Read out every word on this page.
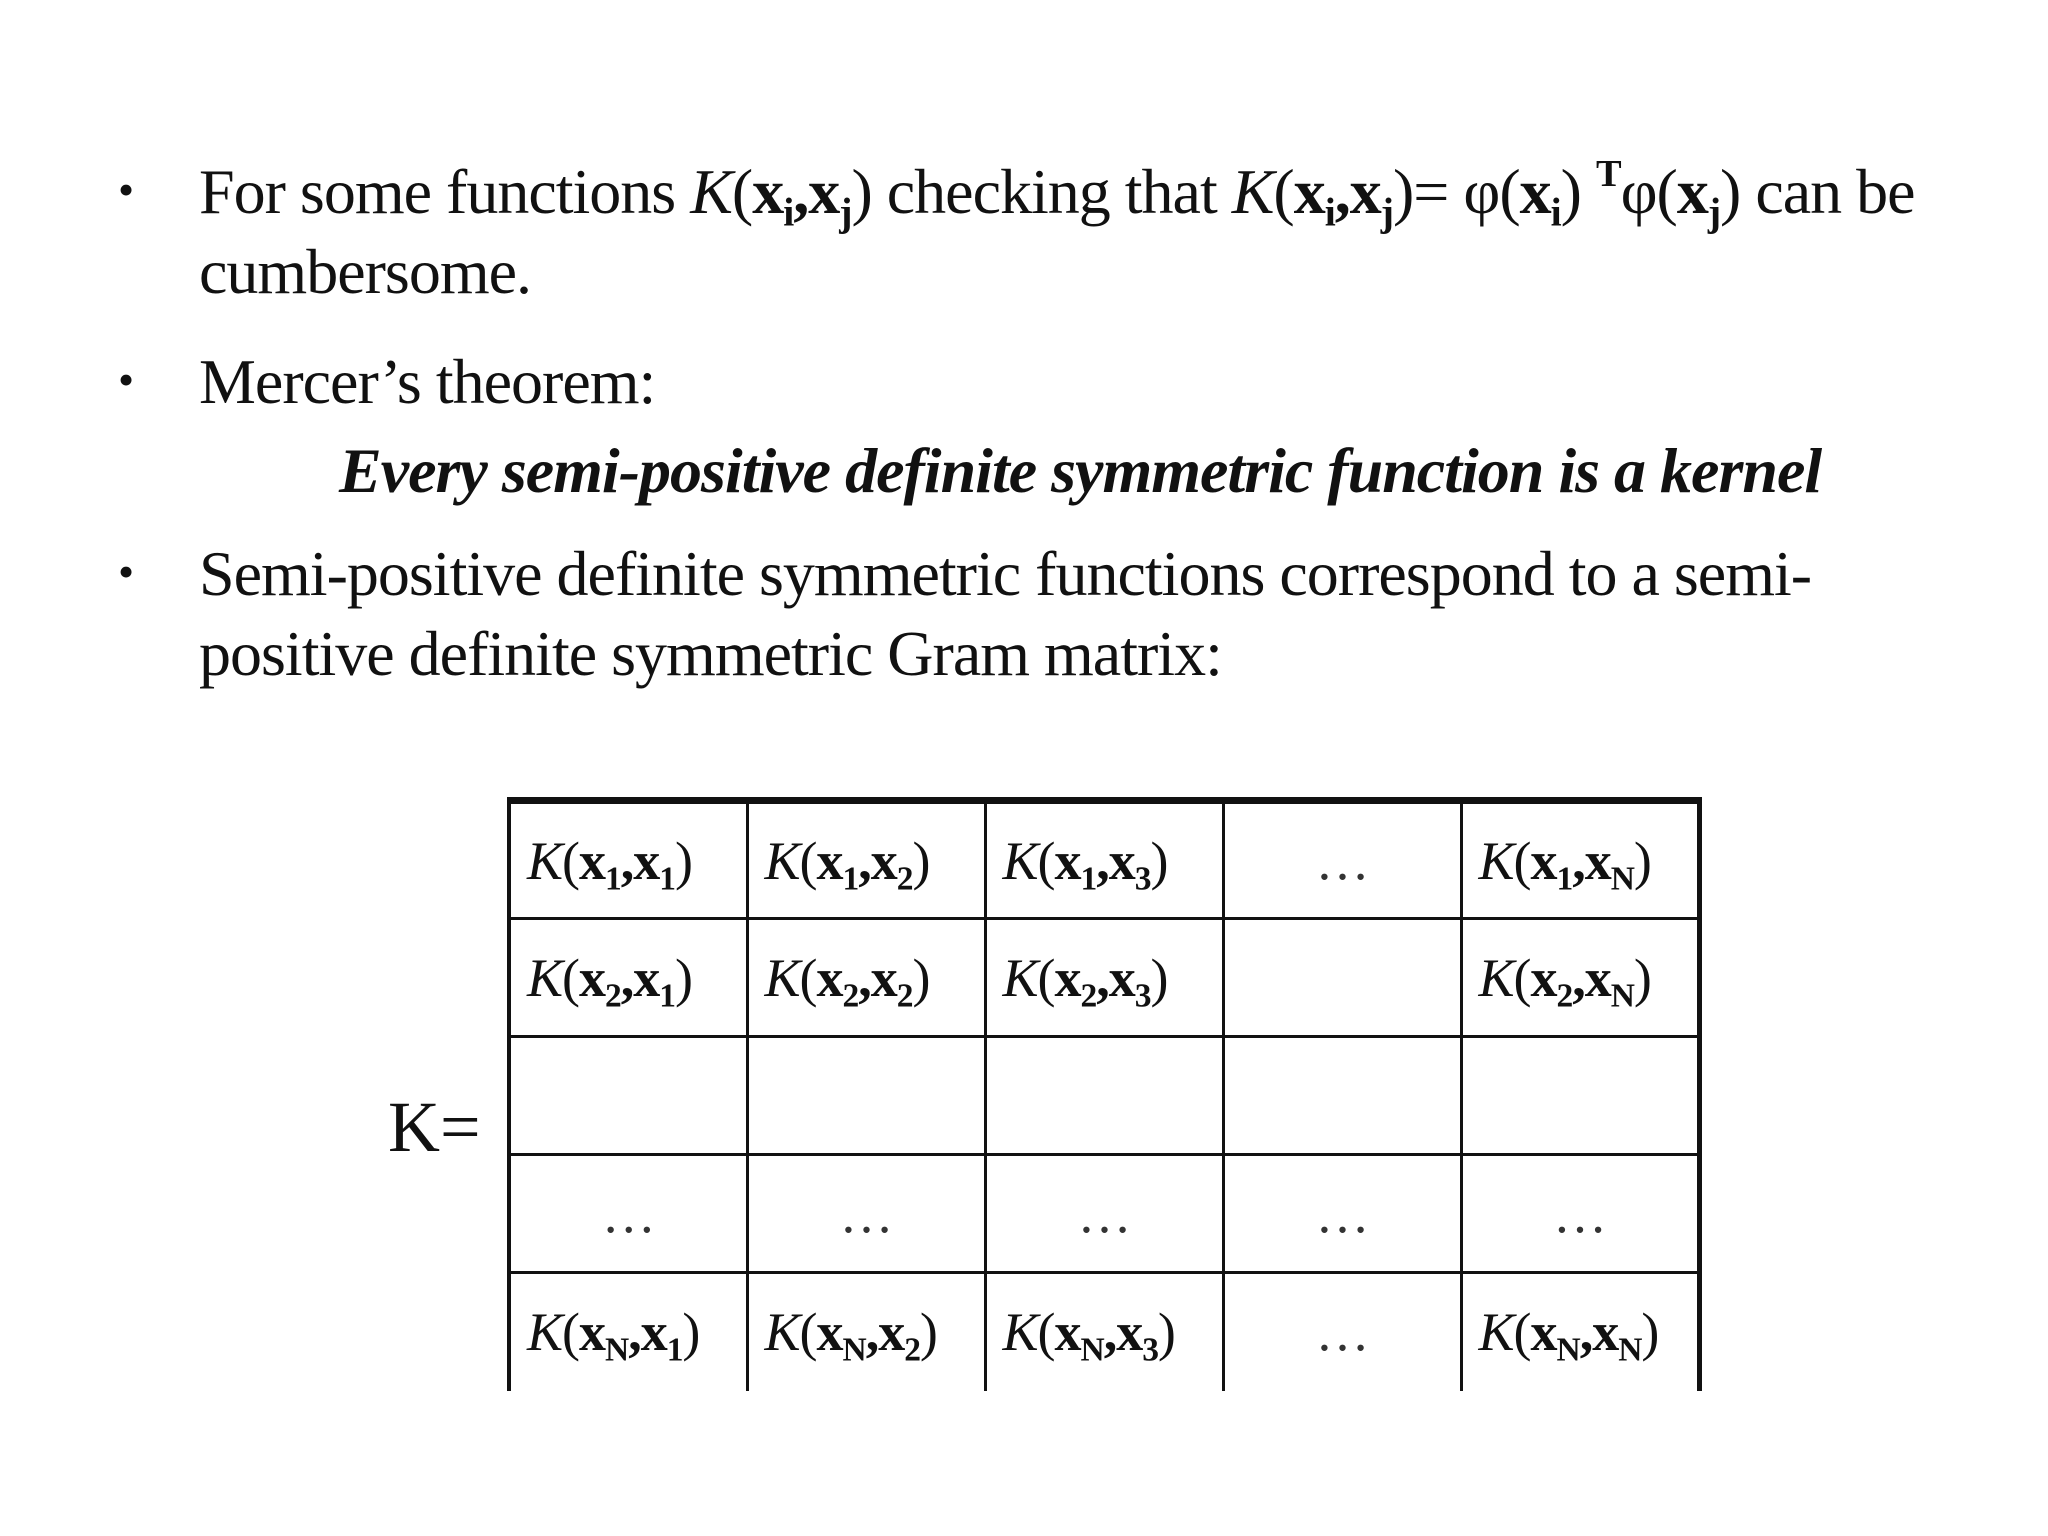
• For some functions $K(x_i,x_j)$ checking that $K(x_i,x_j)= \varphi(x_i)$ $^T\varphi(x_j)$ can be cumbersome.
• Mercer’s theorem:
Every semi-positive definite symmetric function is a kernel
• Semi-positive definite symmetric functions correspond to a semi-positive definite symmetric Gram matrix:
K=
$K(x_1,x_1)$	$K(x_1,x_2)$	$K(x_1,x_3)$	…	$K(x_1,x_N)$
$K(x_2,x_1)$	$K(x_2,x_2)$	$K(x_2,x_3)$		$K(x_2,x_N)$

…	…	…	…	…
$K(x_N,x_1)$	$K(x_N,x_2)$	$K(x_N,x_3)$	…	$K(x_N,x_N)$
